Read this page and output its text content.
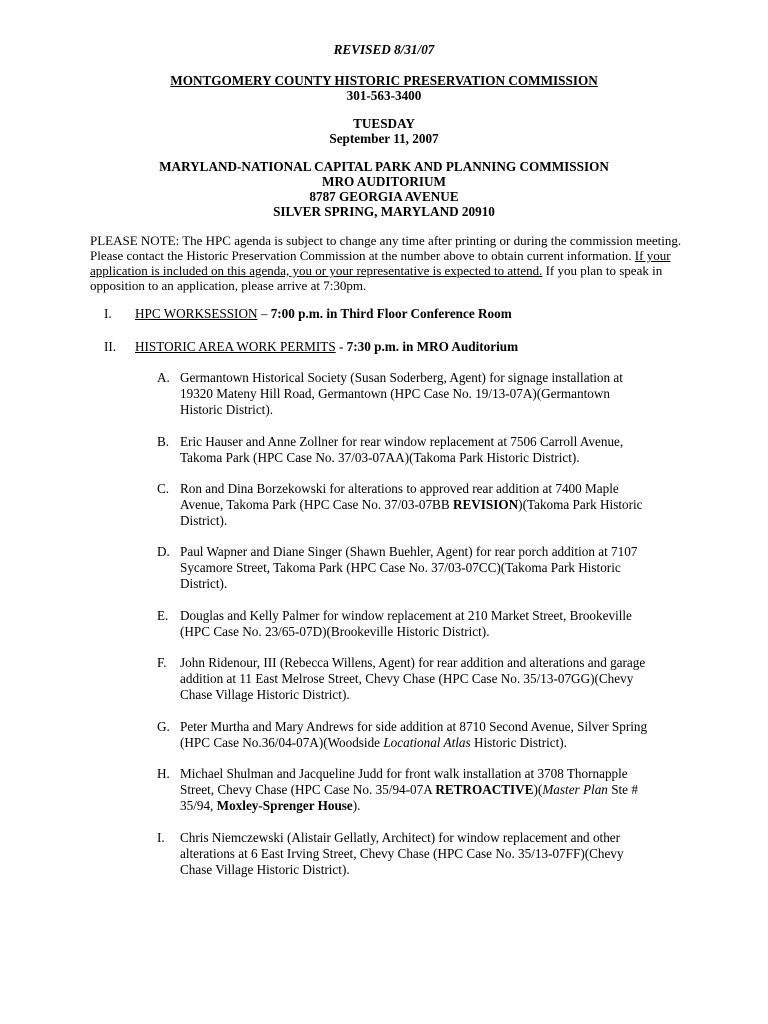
REVISED 8/31/07
MONTGOMERY COUNTY HISTORIC PRESERVATION COMMISSION
301-563-3400
TUESDAY
September 11, 2007
MARYLAND-NATIONAL CAPITAL PARK AND PLANNING COMMISSION
MRO AUDITORIUM
8787 GEORGIA AVENUE
SILVER SPRING, MARYLAND 20910
PLEASE NOTE: The HPC agenda is subject to change any time after printing or during the commission meeting.
Please contact the Historic Preservation Commission at the number above to obtain current information. If your
application is included on this agenda, you or your representative is expected to attend. If you plan to speak in
opposition to an application, please arrive at 7:30pm.
I. HPC WORKSESSION – 7:00 p.m. in Third Floor Conference Room
II. HISTORIC AREA WORK PERMITS - 7:30 p.m. in MRO Auditorium
A. Germantown Historical Society (Susan Soderberg, Agent) for signage installation at
19320 Mateny Hill Road, Germantown (HPC Case No. 19/13-07A)(Germantown
Historic District).
B. Eric Hauser and Anne Zollner for rear window replacement at 7506 Carroll Avenue,
Takoma Park (HPC Case No. 37/03-07AA)(Takoma Park Historic District).
C. Ron and Dina Borzekowski for alterations to approved rear addition at 7400 Maple
Avenue, Takoma Park (HPC Case No. 37/03-07BB REVISION)(Takoma Park Historic
District).
D. Paul Wapner and Diane Singer (Shawn Buehler, Agent) for rear porch addition at 7107
Sycamore Street, Takoma Park (HPC Case No. 37/03-07CC)(Takoma Park Historic
District).
E. Douglas and Kelly Palmer for window replacement at 210 Market Street, Brookeville
(HPC Case No. 23/65-07D)(Brookeville Historic District).
F. John Ridenour, III (Rebecca Willens, Agent) for rear addition and alterations and garage
addition at 11 East Melrose Street, Chevy Chase (HPC Case No. 35/13-07GG)(Chevy
Chase Village Historic District).
G. Peter Murtha and Mary Andrews for side addition at 8710 Second Avenue, Silver Spring
(HPC Case No.36/04-07A)(Woodside Locational Atlas Historic District).
H. Michael Shulman and Jacqueline Judd for front walk installation at 3708 Thornapple
Street, Chevy Chase (HPC Case No. 35/94-07A RETROACTIVE)(Master Plan Ste #
35/94, Moxley-Sprenger House).
I. Chris Niemczewski (Alistair Gellatly, Architect) for window replacement and other
alterations at 6 East Irving Street, Chevy Chase (HPC Case No. 35/13-07FF)(Chevy
Chase Village Historic District).
